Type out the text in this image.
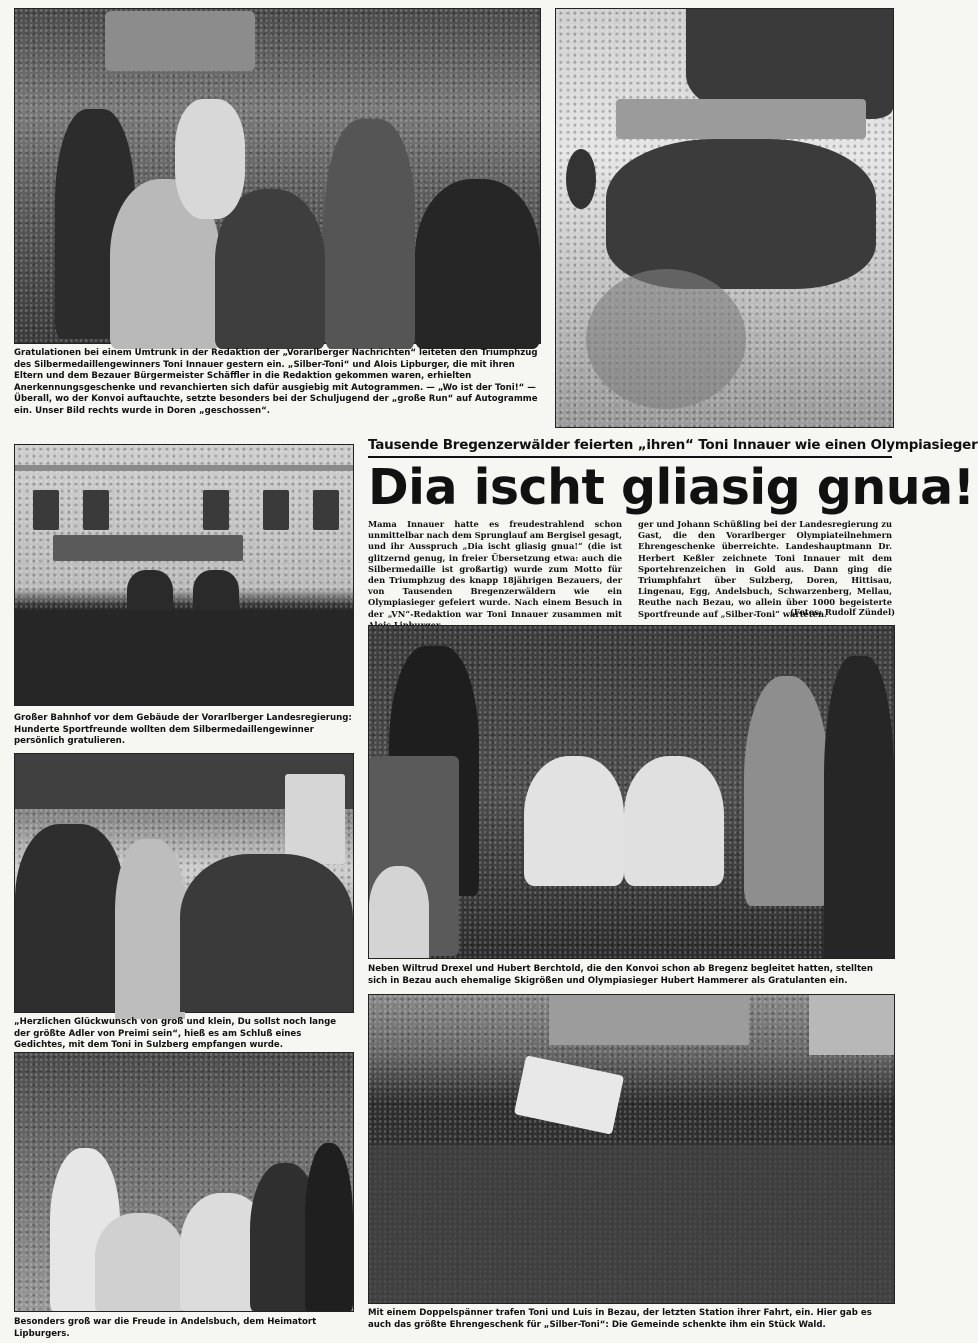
Gratulationen bei einem Umtrunk in der Redaktion der „Vorarlberger Nachrichten“ leiteten den Triumphzug des Silbermedaillengewinners Toni Innauer gestern ein. „Silber-Toni“ und Alois Lipburger, die mit ihren Eltern und dem Bezauer Bürgermeister Schäffler in die Redaktion gekommen waren, erhielten Anerkennungsgeschenke und revanchierten sich dafür ausgiebig mit Autogrammen. — „Wo ist der Toni!“ — Überall, wo der Konvoi auftauchte, setzte besonders bei der Schuljugend der „große Run“ auf Autogramme ein. Unser Bild rechts wurde in Doren „geschossen“.
Großer Bahnhof vor dem Gebäude der Vorarlberger Landesregierung: Hunderte Sportfreunde wollten dem Silbermedaillengewinner persönlich gratulieren.
„Herzlichen Glückwunsch von groß und klein, Du sollst noch lange der größte Adler von Preimi sein“, hieß es am Schluß eines Gedichtes, mit dem Toni in Sulzberg empfangen wurde.
Besonders groß war die Freude in Andelsbuch, dem Heimatort Lipburgers.
Tausende Bregenzerwälder feierten „ihren“ Toni Innauer wie einen Olympiasieger
Dia ischt gliasig gnua!
Mama Innauer hatte es freudestrahlend schon unmittelbar nach dem Sprunglauf am Bergisel gesagt, und ihr Ausspruch „Dia ischt gliasig gnua!“ (die ist glitzernd genug, in freier Übersetzung etwa: auch die Silbermedaille ist großartig) wurde zum Motto für den Triumphzug des knapp 18jährigen Bezauers, der von Tausenden Bregenzerwäldern wie ein Olympiasieger gefeiert wurde. Nach einem Besuch in der „VN“-Redaktion war Toni Innauer zusammen mit
ger und Johann Schüßling bei der Landesregierung zu Gast, die den Vorarlberger Olympiateilnehmern Ehrengeschenke überreichte. Landeshauptmann Dr. Herbert Keßler zeichnete Toni Innauer mit dem Sportehrenzeichen in Gold aus. Dann ging die Triumphfahrt über Sulzberg, Doren, Hittisau, Lingenau, Egg, Andelsbuch, Schwarzenberg, Mellau, Reuthe nach Bezau, wo allein über 1000 begeisterte Sportfreunde auf „Silber-Toni“ warteten.
(Fotos: Rudolf Zündel)
Neben Wiltrud Drexel und Hubert Berchtold, die den Konvoi schon ab Bregenz begleitet hatten, stellten sich in Bezau auch ehemalige Skigrößen und Olympiasieger Hubert Hammerer als Gratulanten ein.
Mit einem Doppelspänner trafen Toni und Luis in Bezau, der letzten Station ihrer Fahrt, ein. Hier gab es auch das größte Ehrengeschenk für „Silber-Toni“: Die Gemeinde schenkte ihm ein Stück Wald.
